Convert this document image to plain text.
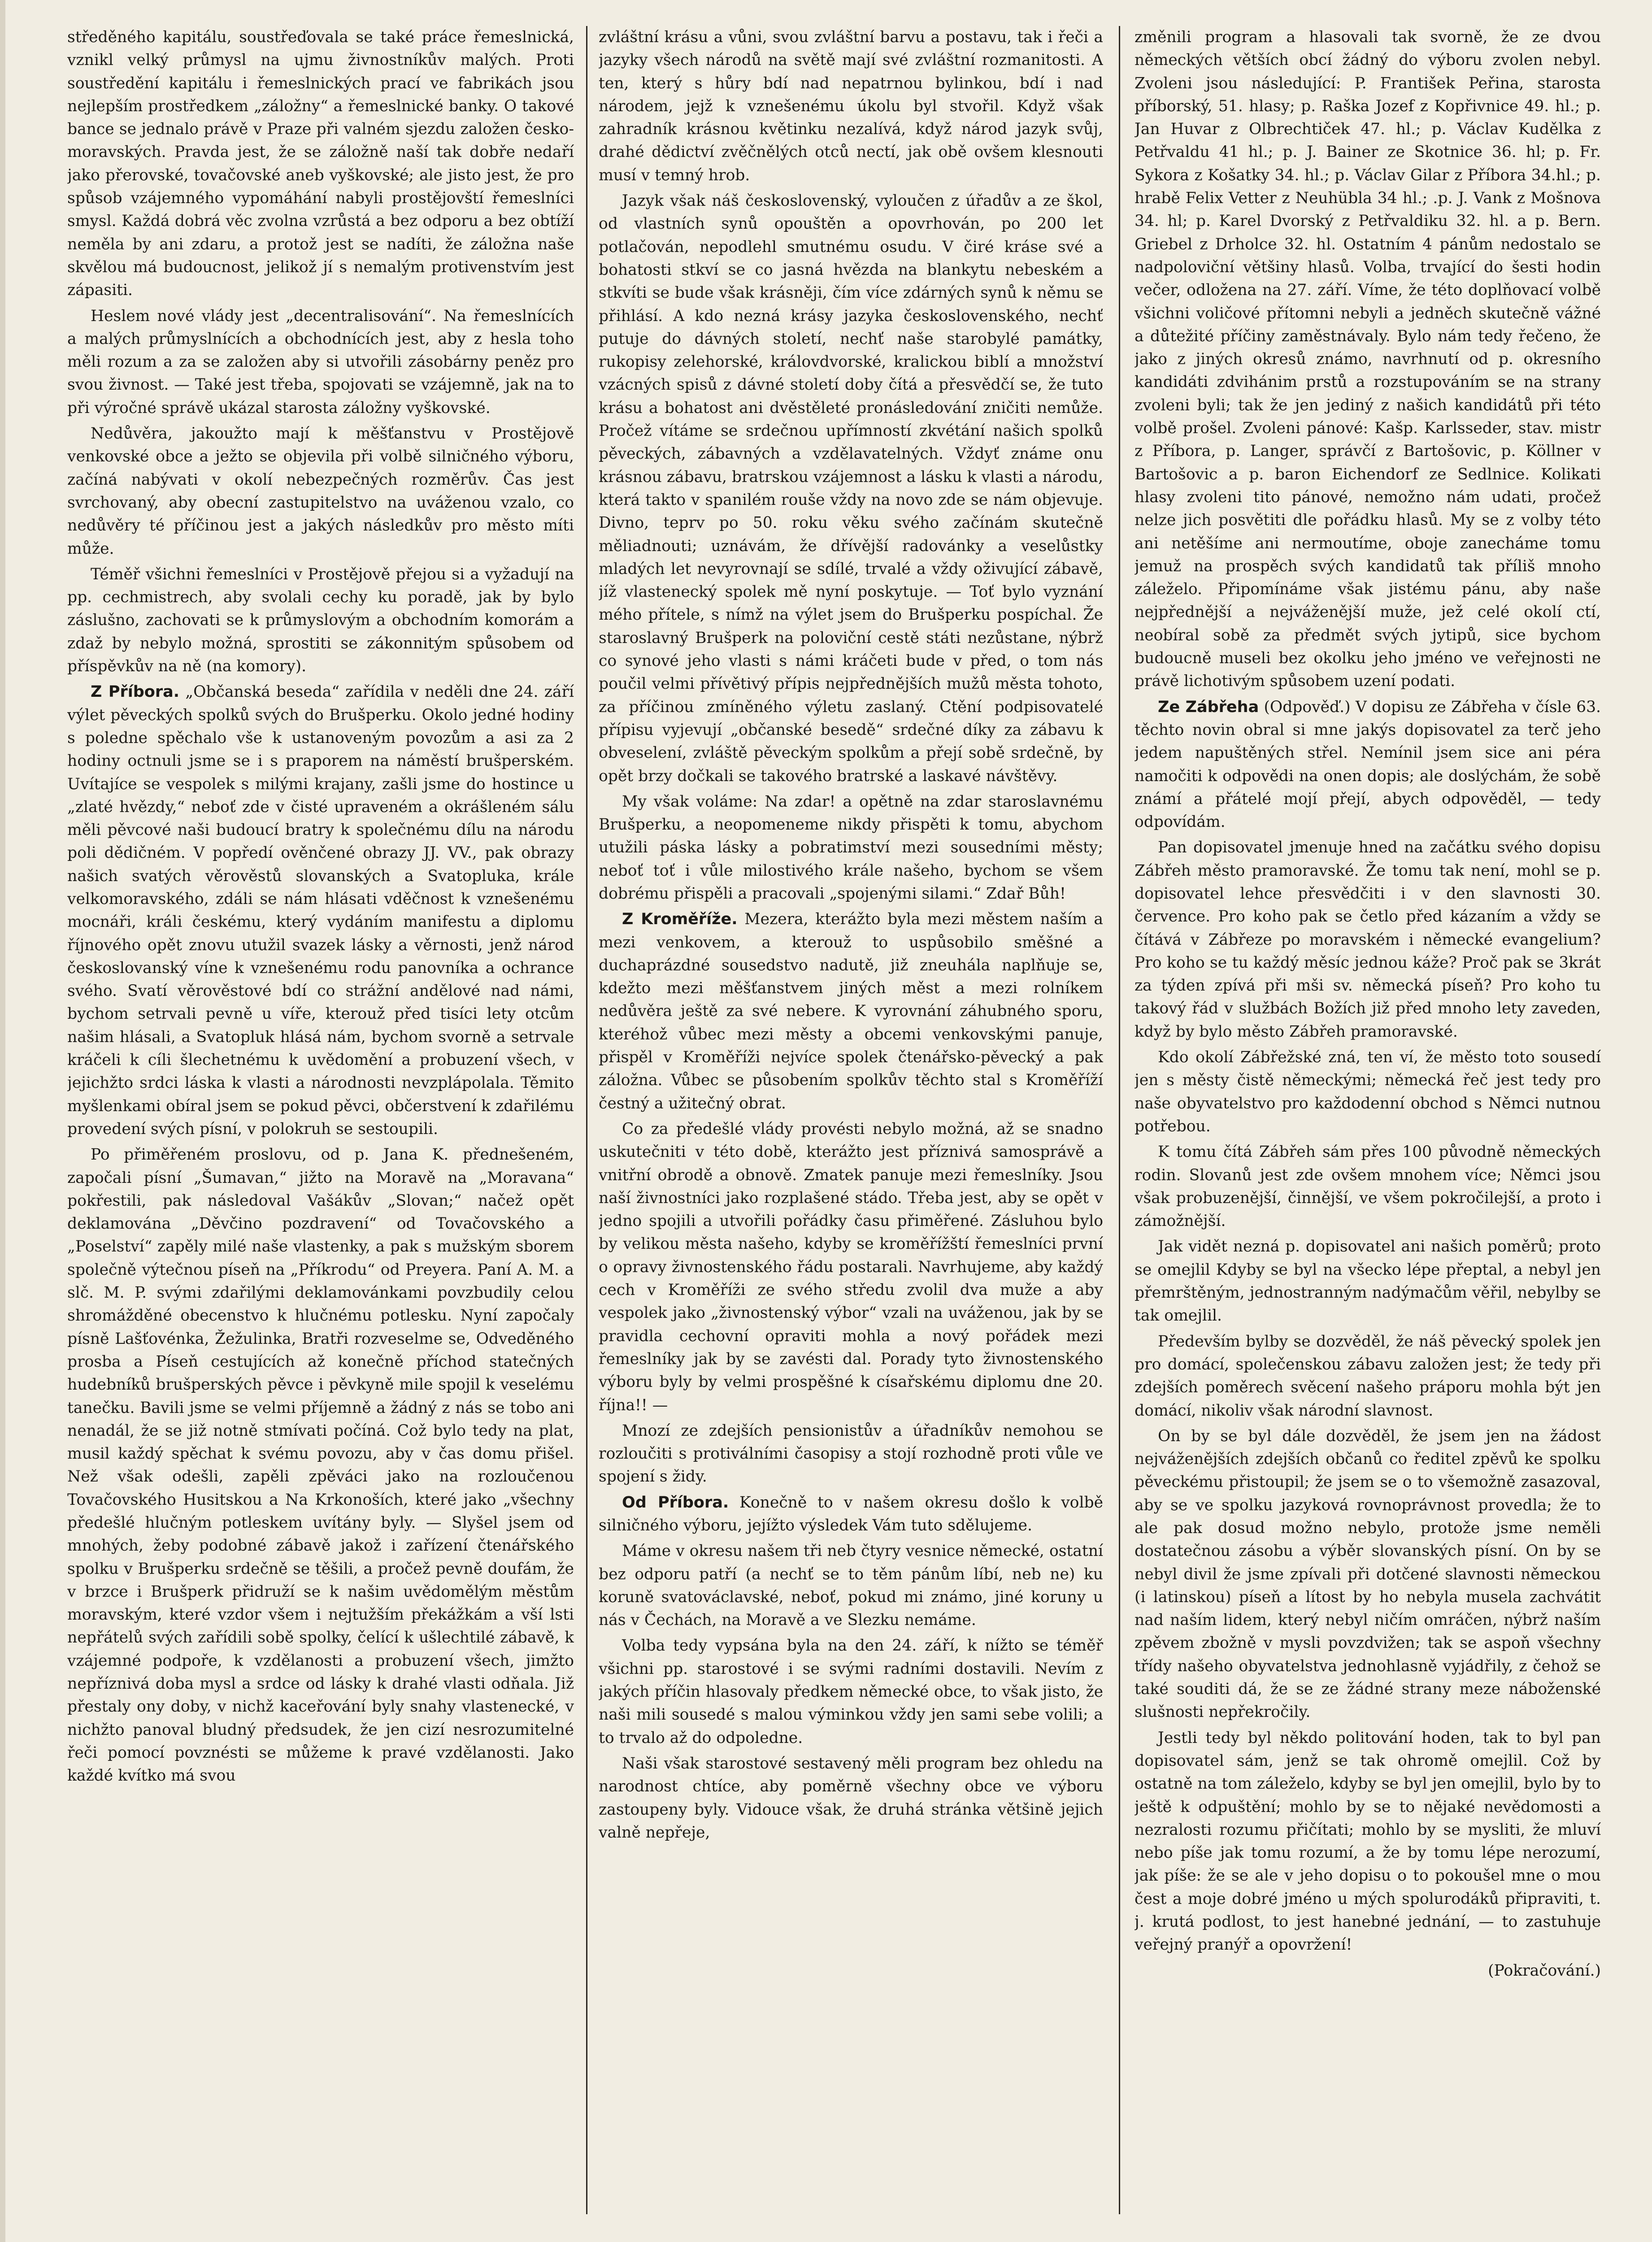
středěného kapitálu, soustřeďovala se také práce řemeslnická, vznikl velký průmysl na ujmu živnostníkův malých. Proti soustředění kapitálu i řemeslnických prací ve fabrikách jsou nejlepším prostředkem „záložny“ a řemeslnické banky. O takové bance se jednalo právě v Praze při valném sjezdu založen česko-moravských. Pravda jest, že se záložně naší tak dobře nedaří jako přerovské, tovačovské aneb vyškovské; ale jisto jest, že pro spůsob vzájemného vypomáhání nabyli prostějovští řemeslníci smysl. Každá dobrá věc zvolna vzrůstá a bez odporu a bez obtíží neměla by ani zdaru, a protož jest se nadíti, že záložna naše skvělou má budoucnost, jelikož jí s nemalým protivenstvím jest zápasiti.

Heslem nové vlády jest „decentralisování“. Na řemeslnících a malých průmyslnících a obchodnících jest, aby z hesla toho měli rozum a za se založen aby si utvořili zásobárny peněz pro svou živnost. — Také jest třeba, spojovati se vzájemně, jak na to při výročné správě ukázal starosta záložny vyškovské.

Nedůvěra, jakoužto mají k měšťanstvu v Prostějově venkovské obce a ježto se objevila při volbě silničného výboru, začíná nabývati v okolí nebezpečných rozměrův. Čas jest svrchovaný, aby obecní zastupitelstvo na uváženou vzalo, co nedůvěry té příčinou jest a jakých následkův pro město míti může.

Téměř všichni řemeslníci v Prostějově přejou si a vyžadují na pp. cechmistrech, aby svolali cechy ku poradě, jak by bylo záslušno, zachovati se k průmyslovým a obchodním komorám a zdaž by nebylo možná, sprostiti se zákonnitým spůsobem od příspěvkův na ně (na komory).

Z Příbora. „Občanská beseda“ zařídila v neděli dne 24. září výlet pěveckých spolků svých do Brušperku. Okolo jedné hodiny s poledne spěchalo vše k ustanoveným povozům a asi za 2 hodiny octnuli jsme se i s praporem na náměstí brušperském. Uvítajíce se vespolek s milými krajany, zašli jsme do hostince u „zlaté hvězdy,“ neboť zde v čisté upraveném a okrášleném sálu měli pěvcové naši budoucí bratry k společnému dílu na národu poli dědičném. V popředí ověnčené obrazy JJ. VV., pak obrazy našich svatých věrověstů slovanských a Svatopluka, krále velkomoravského, zdáli se nám hlásati vděčnost k vznešenému mocnáři, králi českému, který vydáním manifestu a diplomu říjnového opět znovu utužil svazek lásky a věrnosti, jenž národ českoslovanský víne k vznešenému rodu panovníka a ochrance svého. Svatí věrověstové bdí co strážní andělové nad námi, bychom setrvali pevně u víře, kterouž před tisíci lety otcům našim hlásali, a Svatopluk hlásá nám, bychom svorně a setrvale kráčeli k cíli šlechetnému k uvědomění a probuzení všech, v jejichžto srdci láska k vlasti a národnosti nevzplápolala. Těmito myšlenkami obíral jsem se pokud pěvci, občerstvení k zdařilému provedení svých písní, v polokruh se sestoupili.

Po přiměřeném proslovu, od p. Jana K. přednešeném, započali písní „Šumavan,“ jižto na Moravě na „Moravana“ pokřestili, pak následoval Vašákův „Slovan;“ načež opět deklamována „Děvčino pozdravení“ od Tovačovského a „Poselství“ zapěly milé naše vlastenky, a pak s mužským sborem společně výtečnou píseň na „Příkrodu“ od Preyera. Paní A. M. a slč. M. P. svými zdařilými deklamovánkami povzbudily celou shromážděné obecenstvo k hlučnému potlesku. Nyní započaly písně Lašťovénka, Žežulinka, Bratři rozveselme se, Odveděného prosba a Píseň cestujících až konečně příchod statečných hudebníků brušperských pěvce i pěvkyně mile spojil k veselému tanečku. Bavili jsme se velmi příjemně a žádný z nás se tobo ani nenadál, že se již notně stmívati počíná. Což bylo tedy na plat, musil každý spěchat k svému povozu, aby v čas domu přišel. Než však odešli, zapěli zpěváci jako na rozloučenou Tovačovského Husitskou a Na Krkonoších, které jako „všechny předešlé hlučným potleskem uvítány byly. — Slyšel jsem od mnohých, žeby podobné zábavě jakož i zařízení čtenářského spolku v Brušperku srdečně se těšili, a pročež pevně doufám, že v brzce i Brušperk přidruží se k našim uvědomělým městům moravským, které vzdor všem i nejtužším překážkám a vší lsti nepřátelů svých zařídili sobě spolky, čelící k ušlechtilé zábavě, k vzájemné podpoře, k vzdělanosti a probuzení všech, jimžto nepříznivá doba mysl a srdce od lásky k drahé vlasti odňala. Již přestaly ony doby, v nichž kaceřování byly snahy vlastenecké, v nichžto panoval bludný předsudek, že jen cizí nesrozumitelné řeči pomocí povznésti se můžeme k pravé vzdělanosti. Jako každé kvítko má svou

zvláštní krásu a vůni, svou zvláštní barvu a postavu, tak i řeči a jazyky všech národů na světě mají své zvláštní rozmanitosti. A ten, který s hůry bdí nad nepatrnou bylinkou, bdí i nad národem, jejž k vznešenému úkolu byl stvořil. Když však zahradník krásnou květinku nezalívá, když národ jazyk svůj, drahé dědictví zvěčnělých otců nectí, jak obě ovšem klesnouti musí v temný hrob.

Jazyk však náš československý, vyloučen z úřadův a ze škol, od vlastních synů opouštěn a opovrhován, po 200 let potlačován, nepodlehl smutnému osudu. V čiré kráse své a bohatosti stkví se co jasná hvězda na blankytu nebeském a stkvíti se bude však krásněji, čím více zdárných synů k němu se přihlásí. A kdo nezná krásy jazyka československého, nechť putuje do dávných století, nechť naše starobylé památky, rukopisy zelehorské, královdvorské, kralickou biblí a množství vzácných spisů z dávné století doby čítá a přesvědčí se, že tuto krásu a bohatost ani dvěstěleté pronásledování zničiti nemůže. Pročež vítáme se srdečnou upřímností zkvétání našich spolků pěveckých, zábavných a vzdělavatelných. Vždyť známe onu krásnou zábavu, bratrskou vzájemnost a lásku k vlasti a národu, která takto v spanilém rouše vždy na novo zde se nám objevuje. Divno, teprv po 50. roku věku svého začínám skutečně měliadnouti; uznávám, že dřívější radovánky a veselůstky mladých let nevyrovnají se sdílé, trvalé a vždy oživující zábavě, jíž vlastenecký spolek mě nyní poskytuje. — Toť bylo vyznání mého přítele, s nímž na výlet jsem do Brušperku pospíchal. Že staroslavný Brušperk na poloviční cestě státi nezůstane, nýbrž co synové jeho vlasti s námi kráčeti bude v před, o tom nás poučil velmi přívětivý přípis nejpřednějších mužů města tohoto, za příčinou zmíněného výletu zaslaný. Ctění podpisovatelé přípisu vyjevují „občanské besedě“ srdečné díky za zábavu k obveselení, zvláště pěveckým spolkům a přejí sobě srdečně, by opět brzy dočkali se takového bratrské a laskavé návštěvy.

My však voláme: Na zdar! a opětně na zdar staroslavnému Brušperku, a neopomeneme nikdy přispěti k tomu, abychom utužili páska lásky a pobratimství mezi sousedními městy; neboť toť i vůle milostivého krále našeho, bychom se všem dobrému přispěli a pracovali „spojenými silami.“ Zdař Bůh!

Z Kroměříže. Mezera, kterážto byla mezi městem naším a mezi venkovem, a kterouž to uspůsobilo směšné a duchaprázdné sousedstvo nadutě, již zneuhála naplňuje se, kdežto mezi měšťanstvem jiných měst a mezi rolníkem nedůvěra ještě za své nebere. K vyrovnání záhubného sporu, kteréhož vůbec mezi městy a obcemi venkovskými panuje, přispěl v Kroměříži nejvíce spolek čtenářsko-pěvecký a pak záložna. Vůbec se působením spolkův těchto stal s Kroměříží čestný a užitečný obrat.

Co za předešlé vlády provésti nebylo možná, až se snadno uskutečniti v této době, kterážto jest příznivá samosprávě a vnitřní obrodě a obnově. Zmatek panuje mezi řemeslníky. Jsou naší živnostníci jako rozplašené stádo. Třeba jest, aby se opět v jedno spojili a utvořili pořádky času přiměřené. Zásluhou bylo by velikou města našeho, kdyby se kroměřížští řemeslníci první o opravy živnostenského řádu postarali. Navrhujeme, aby každý cech v Kroměříži ze svého středu zvolil dva muže a aby vespolek jako „živnostenský výbor“ vzali na uváženou, jak by se pravidla cechovní opraviti mohla a nový pořádek mezi řemeslníky jak by se zavésti dal. Porady tyto živnostenského výboru byly by velmi prospěšné k císařskému diplomu dne 20. října!! —

Mnozí ze zdejších pensionistův a úřadníkův nemohou se rozloučiti s protiválními časopisy a stojí rozhodně proti vůle ve spojení s židy.

Od Příbora. Konečně to v našem okresu došlo k volbě silničného výboru, jejížto výsledek Vám tuto sdělujeme.

Máme v okresu našem tři neb čtyry vesnice německé, ostatní bez odporu patří (a nechť se to těm pánům líbí, neb ne) ku koruně svatováclavské, neboť, pokud mi známo, jiné koruny u nás v Čechách, na Moravě a ve Slezku nemáme.

Volba tedy vypsána byla na den 24. září, k nížto se téměř všichni pp. starostové i se svými radními dostavili. Nevím z jakých příčin hlasovaly předkem německé obce, to však jisto, že naši mili sousedé s malou výminkou vždy jen sami sebe volili; a to trvalo až do odpoledne.

Naši však starostové sestavený měli program bez ohledu na narodnost chtíce, aby poměrně všechny obce ve výboru zastoupeny byly. Vidouce však, že druhá stránka většině jejich valně nepřeje,

změnili program a hlasovali tak svorně, že ze dvou německých větších obcí žádný do výboru zvolen nebyl. Zvoleni jsou následující: P. František Peřina, starosta příborský, 51. hlasy; p. Raška Jozef z Kopřivnice 49. hl.; p. Jan Huvar z Olbrechtiček 47. hl.; p. Václav Kudělka z Petřvaldu 41 hl.; p. J. Bainer ze Skotnice 36. hl; p. Fr. Sykora z Košatky 34. hl.; p. Václav Gilar z Příbora 34.hl.; p. hrabě Felix Vetter z Neuhübla 34 hl.; .p. J. Vank z Mošnova 34. hl; p. Karel Dvorský z Petřvaldiku 32. hl. a p. Bern. Griebel z Drholce 32. hl. Ostatním 4 pánům nedostalo se nadpoloviční většiny hlasů. Volba, trvající do šesti hodin večer, odložena na 27. září. Víme, že této doplňovací volbě všichni voličové přítomni nebyli a jedněch skutečně vážné a důtežité příčiny zaměstnávaly. Bylo nám tedy řečeno, že jako z jiných okresů známo, navrhnutí od p. okresního kandidáti zdvihánim prstů a rozstupováním se na strany zvoleni byli; tak že jen jediný z našich kandidátů při této volbě prošel. Zvoleni pánové: Kašp. Karlsseder, stav. mistr z Příbora, p. Langer, správčí z Bartošovic, p. Köllner v Bartošovic a p. baron Eichendorf ze Sedlnice. Kolikati hlasy zvoleni tito pánové, nemožno nám udati, pročež nelze jich posvětiti dle pořádku hlasů. My se z volby této ani netěšíme ani nermoutíme, oboje zanecháme tomu jemuž na prospěch svých kandidatů tak příliš mnoho záleželo. Připomínáme však jistému pánu, aby naše nejpřednější a nejváženější muže, jež celé okolí ctí, neobíral sobě za předmět svých jytipů, sice bychom budoucně museli bez okolku jeho jméno ve veřejnosti ne právě lichotivým spůsobem uzení podati.

Ze Zábřeha (Odpověď.) V dopisu ze Zábřeha v čísle 63. těchto novin obral si mne jakýs dopisovatel za terč jeho jedem napuštěných střel. Nemínil jsem sice ani péra namočiti k odpovědi na onen dopis; ale doslýchám, že sobě známí a přátelé mojí přejí, abych odpověděl, — tedy odpovídám.

Pan dopisovatel jmenuje hned na začátku svého dopisu Zábřeh město pramoravské. Že tomu tak není, mohl se p. dopisovatel lehce přesvědčiti i v den slavnosti 30. července. Pro koho pak se četlo před kázaním a vždy se čítává v Zábřeze po moravském i německé evangelium? Pro koho se tu každý měsíc jednou káže? Proč pak se 3krát za týden zpívá při mši sv. německá píseň? Pro koho tu takový řád v službách Božích již před mnoho lety zaveden, když by bylo město Zábřeh pramoravské.

Kdo okolí Zábřežské zná, ten ví, že město toto sousedí jen s městy čistě německými; německá řeč jest tedy pro naše obyvatelstvo pro každodenní obchod s Němci nutnou potřebou.

K tomu čítá Zábřeh sám přes 100 původně německých rodin. Slovanů jest zde ovšem mnohem více; Němci jsou však probuzenější, činnější, ve všem pokročilejší, a proto i zámožnější.

Jak vidět nezná p. dopisovatel ani našich poměrů; proto se omejlil Kdyby se byl na všecko lépe přeptal, a nebyl jen přemrštěným, jednostranným nadýmačům věřil, nebylby se tak omejlil.

Především bylby se dozvěděl, že náš pěvecký spolek jen pro domácí, společenskou zábavu založen jest; že tedy při zdejších poměrech svěcení našeho práporu mohla být jen domácí, nikoliv však národní slavnost.

On by se byl dále dozvěděl, že jsem jen na žádost nejváženějších zdejších občanů co ředitel zpěvů ke spolku pěveckému přistoupil; že jsem se o to všemožně zasazoval, aby se ve spolku jazyková rovnoprávnost provedla; že to ale pak dosud možno nebylo, protože jsme neměli dostatečnou zásobu a výběr slovanských písní. On by se nebyl divil že jsme zpívali při dotčené slavnosti německou (i latinskou) píseň a lítost by ho nebyla musela zachvátit nad naším lidem, který nebyl ničím omráčen, nýbrž naším zpěvem zbožně v mysli povzdvižen; tak se aspoň všechny třídy našeho obyvatelstva jednohlasně vyjádřily, z čehož se také souditi dá, že se ze žádné strany meze náboženské slušnosti nepřekročily.

Jestli tedy byl někdo politování hoden, tak to byl pan dopisovatel sám, jenž se tak ohromě omejlil. Což by ostatně na tom záleželo, kdyby se byl jen omejlil, bylo by to ještě k odpuštění; mohlo by se to nějaké nevědomosti a nezralosti rozumu přičítati; mohlo by se mysliti, že mluví nebo píše jak tomu rozumí, a že by tomu lépe nerozumí, jak píše: že se ale v jeho dopisu o to pokoušel mne o mou čest a moje dobré jméno u mých spolurodáků připraviti, t. j. krutá podlost, to jest hanebné jednání, — to zastuhuje veřejný pranýř a opovržení!

(Pokračování.)
